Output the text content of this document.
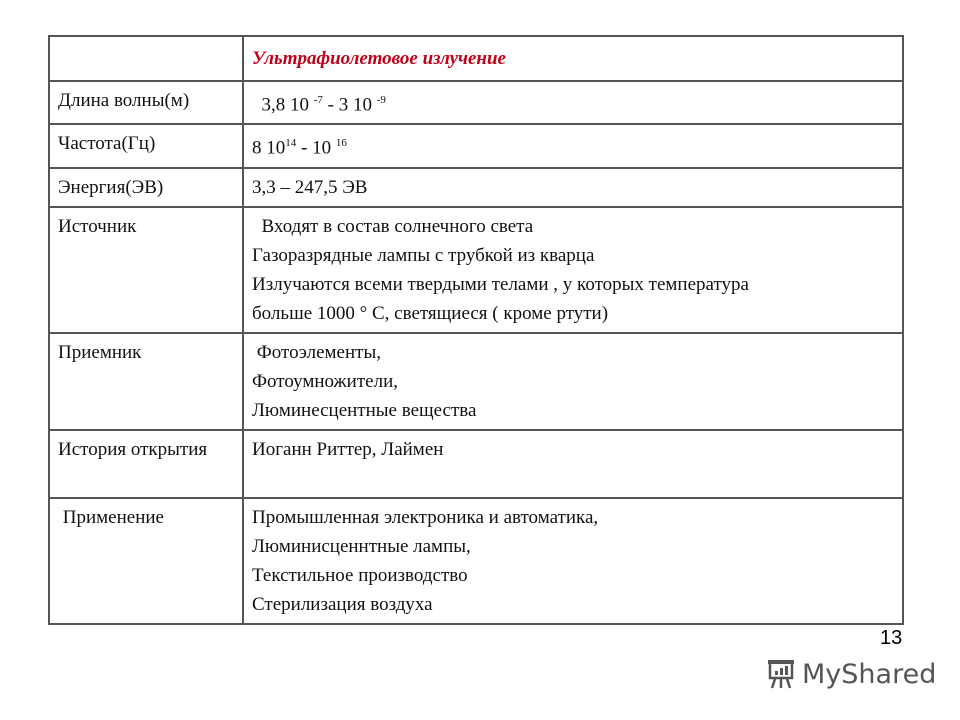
	Ультрафиолетовое излучение
Длина волны(м)	3,8 10 $^{-7}$ - 3 10 $^{-9}$
Частота(Гц)	8 $10^{14} - 10$ $^{16}$
Энергия(ЭВ)	3,3 – 247,5 ЭВ
Источник	Входят в состав солнечного света
Газоразрядные лампы с трубкой из кварца
Излучаются всеми твердыми телами , у которых температура
больше 1000 ° С, светящиеся ( кроме ртути)
Приемник	Фотоэлементы,
Фотоумножители,
Люминесцентные вещества
История открытия	Иоганн Риттер, Лаймен
Применение	Промышленная электроника и автоматика,
Люминисценнтные лампы,
Текстильное производство
Стерилизация воздуха
MyShared
13
